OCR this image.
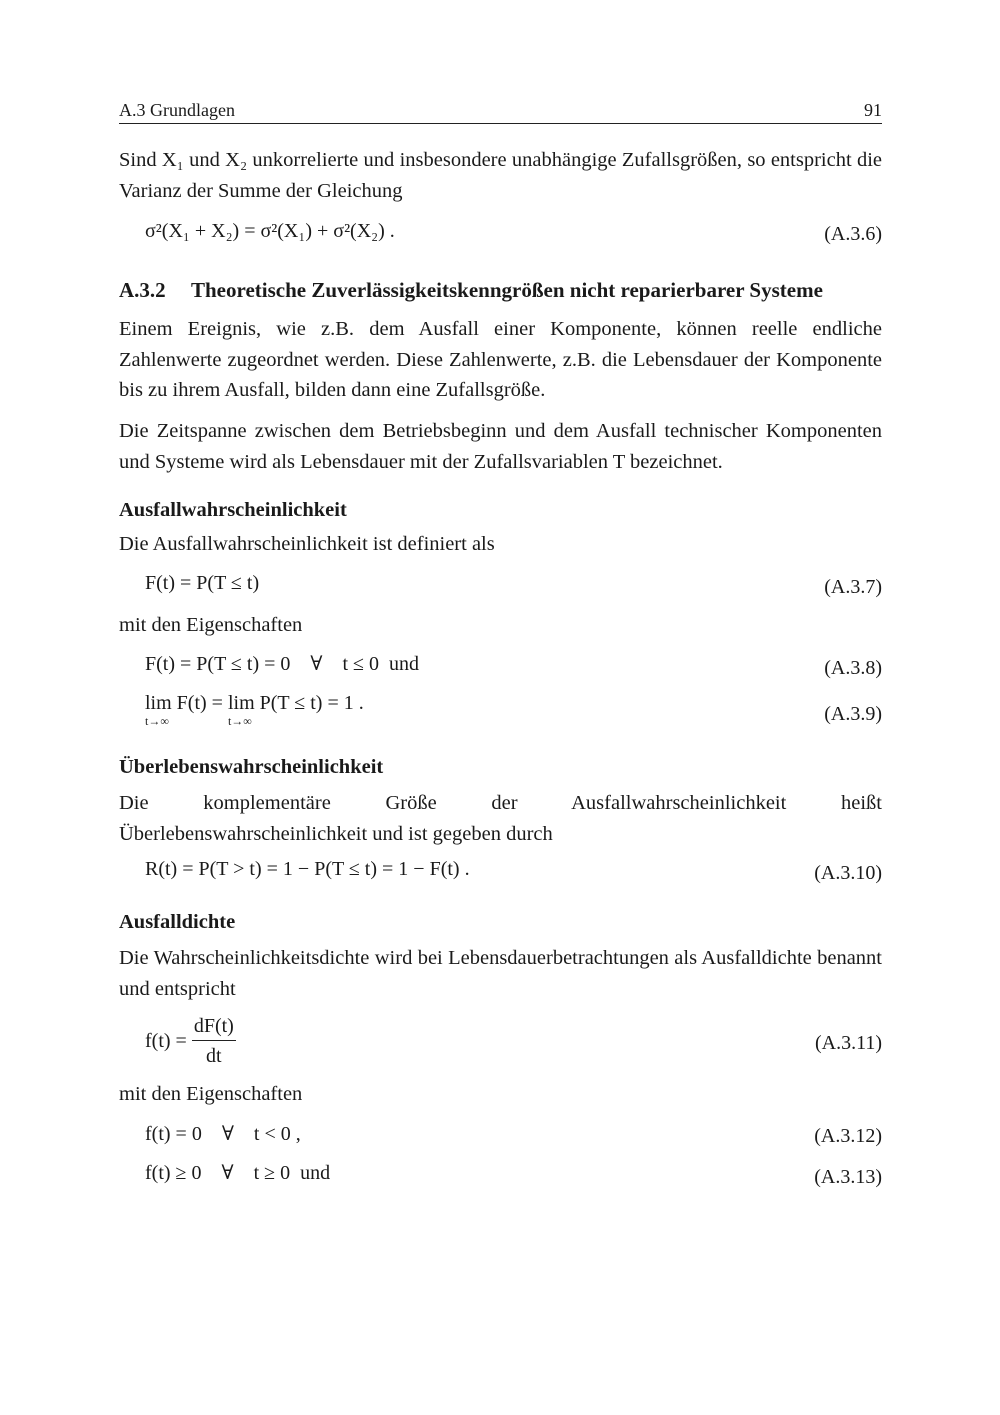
A.3 Grundlagen	91
Sind X₁ und X₂ unkorrelierte und insbesondere unabhängige Zufallsgrößen, so entspricht die Varianz der Summe der Gleichung
σ²(X₁ + X₂) = σ²(X₁) + σ²(X₂) .	(A.3.6)
A.3.2 Theoretische Zuverlässigkeitskenngrößen nicht reparierbarer Systeme
Einem Ereignis, wie z.B. dem Ausfall einer Komponente, können reelle endliche Zahlenwerte zugeordnet werden. Diese Zahlenwerte, z.B. die Lebensdauer der Komponente bis zu ihrem Ausfall, bilden dann eine Zufallsgröße.
Die Zeitspanne zwischen dem Betriebsbeginn und dem Ausfall technischer Komponenten und Systeme wird als Lebensdauer mit der Zufallsvariablen T bezeichnet.
Ausfallwahrscheinlichkeit
Die Ausfallwahrscheinlichkeit ist definiert als
F(t) = P(T ≤ t)	(A.3.7)
mit den Eigenschaften
F(t) = P(T ≤ t) = 0    ∀    t ≤ 0  und	(A.3.8)
lim
t→∞
F(t) = lim
t→∞
P(T ≤ t) = 1 .	(A.3.9)
Überlebenswahrscheinlichkeit
Die komplementäre Größe der Ausfallwahrscheinlichkeit heißt Überlebenswahrscheinlichkeit und ist gegeben durch
R(t) = P(T > t) = 1 − P(T ≤ t) = 1 − F(t) .	(A.3.10)
Ausfalldichte
Die Wahrscheinlichkeitsdichte wird bei Lebensdauerbetrachtungen als Ausfalldichte benannt und entspricht
$f(t) = \frac{dF(t)}{dt}$	(A.3.11)
mit den Eigenschaften
f(t) = 0    ∀    t < 0 ,	(A.3.12)
f(t) ≥ 0    ∀    t ≥ 0  und	(A.3.13)
